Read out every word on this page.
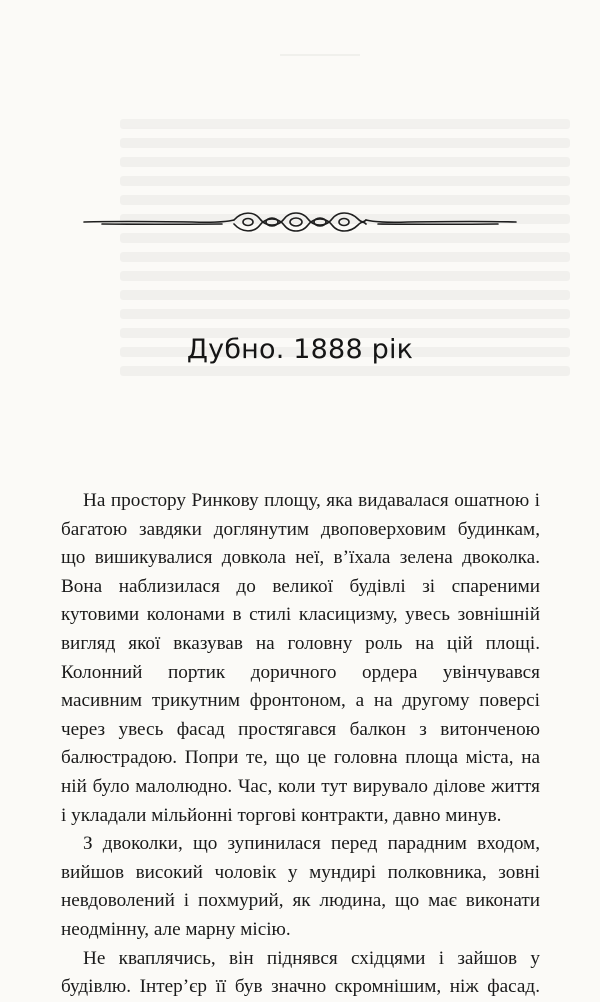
Дубно. 1888 рік

На простору Ринкову площу, яка видавалася ошатною і багатою завдяки доглянутим двоповерховим будинкам, що вишикувалися довкола неї, в’їхала зелена двоколка. Вона наблизилася до великої будівлі зі спареними кутовими колонами в стилі класицизму, увесь зовнішній вигляд якої вказував на головну роль на цій площі. Колонний портик доричного ордера увінчувався масивним трикутним фронтоном, а на другому поверсі через увесь фасад простягався балкон з витонченою балюстрадою. Попри те, що це головна площа міста, на ній було малолюдно. Час, коли тут вирувало ділове життя і укладали мільйонні торгові контракти, давно минув.

З двоколки, що зупинилася перед парадним входом, вийшов високий чоловік у мундирі полковника, зовні невдоволений і похмурий, як людина, що має виконати неодмінну, але марну місію.

Не кваплячись, він піднявся східцями і зайшов у будівлю. Інтер’єр її був значно скромнішим, ніж фасад.
